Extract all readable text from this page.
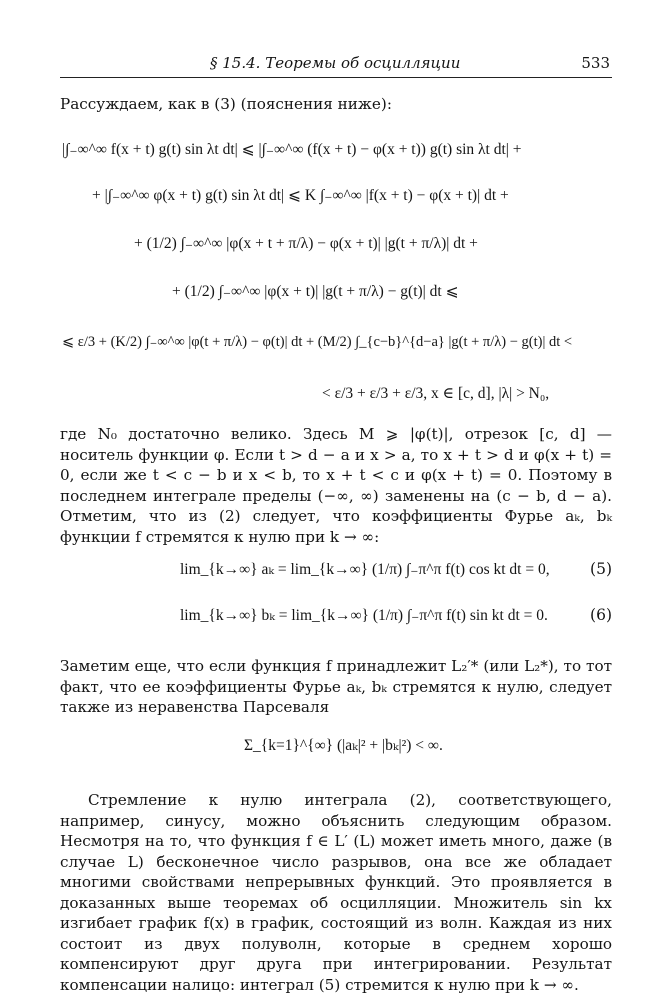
§ 15.4. Теоремы об осцилляции	533
Рассуждаем, как в (3) (пояснения ниже):
|∫₋∞^∞ f(x + t) g(t) sin λt dt| ⩽ |∫₋∞^∞ (f(x + t) − φ(x + t)) g(t) sin λt dt| +
+ |∫₋∞^∞ φ(x + t) g(t) sin λt dt| ⩽ K ∫₋∞^∞ |f(x + t) − φ(x + t)| dt +
+ (1/2) ∫₋∞^∞ |φ(x + t + π/λ) − φ(x + t)| |g(t + π/λ)| dt +
+ (1/2) ∫₋∞^∞ |φ(x + t)| |g(t + π/λ) − g(t)| dt ⩽
⩽ ε/3 + (K/2) ∫₋∞^∞ |φ(t + π/λ) − φ(t)| dt + (M/2) ∫_{c−b}^{d−a} |g(t + π/λ) − g(t)| dt <
< ε/3 + ε/3 + ε/3, x ∈ [c, d], |λ| > N₀,
где N₀ достаточно велико. Здесь M ⩾ |φ(t)|, отрезок [c, d] — носитель функции φ. Если t > d − a и x > a, то x + t > d и φ(x + t) = 0, если же t < c − b и x < b, то x + t < c и φ(x + t) = 0. Поэтому в последнем интеграле пределы (−∞, ∞) заменены на (c − b, d − a). Отметим, что из (2) следует, что коэффициенты Фурье aₖ, bₖ функции f стремятся к нулю при k → ∞:
lim_{k→∞} aₖ = lim_{k→∞} (1/π) ∫₋π^π f(t) cos kt dt = 0,	(5)
lim_{k→∞} bₖ = lim_{k→∞} (1/π) ∫₋π^π f(t) sin kt dt = 0.	(6)
Заметим еще, что если функция f принадлежит L₂′* (или L₂*), то тот факт, что ее коэффициенты Фурье aₖ, bₖ стремятся к нулю, следует также из неравенства Парсеваля
Σ_{k=1}^{∞} (|aₖ|² + |bₖ|²) < ∞.
Стремление к нулю интеграла (2), соответствующего, например, синусу, можно объяснить следующим образом. Несмотря на то, что функция f ∈ L′ (L) может иметь много, даже (в случае L) бесконечное число разрывов, она все же обладает многими свойствами непрерывных функций. Это проявляется в доказанных выше теоремах об осцилляции. Множитель sin kx изгибает график f(x) в график, состоящий из волн. Каждая из них состоит из двух полуволн, которые в среднем хорошо компенсируют друг друга при интегрировании. Результат компенсации налицо: интеграл (5) стремится к нулю при k → ∞.
